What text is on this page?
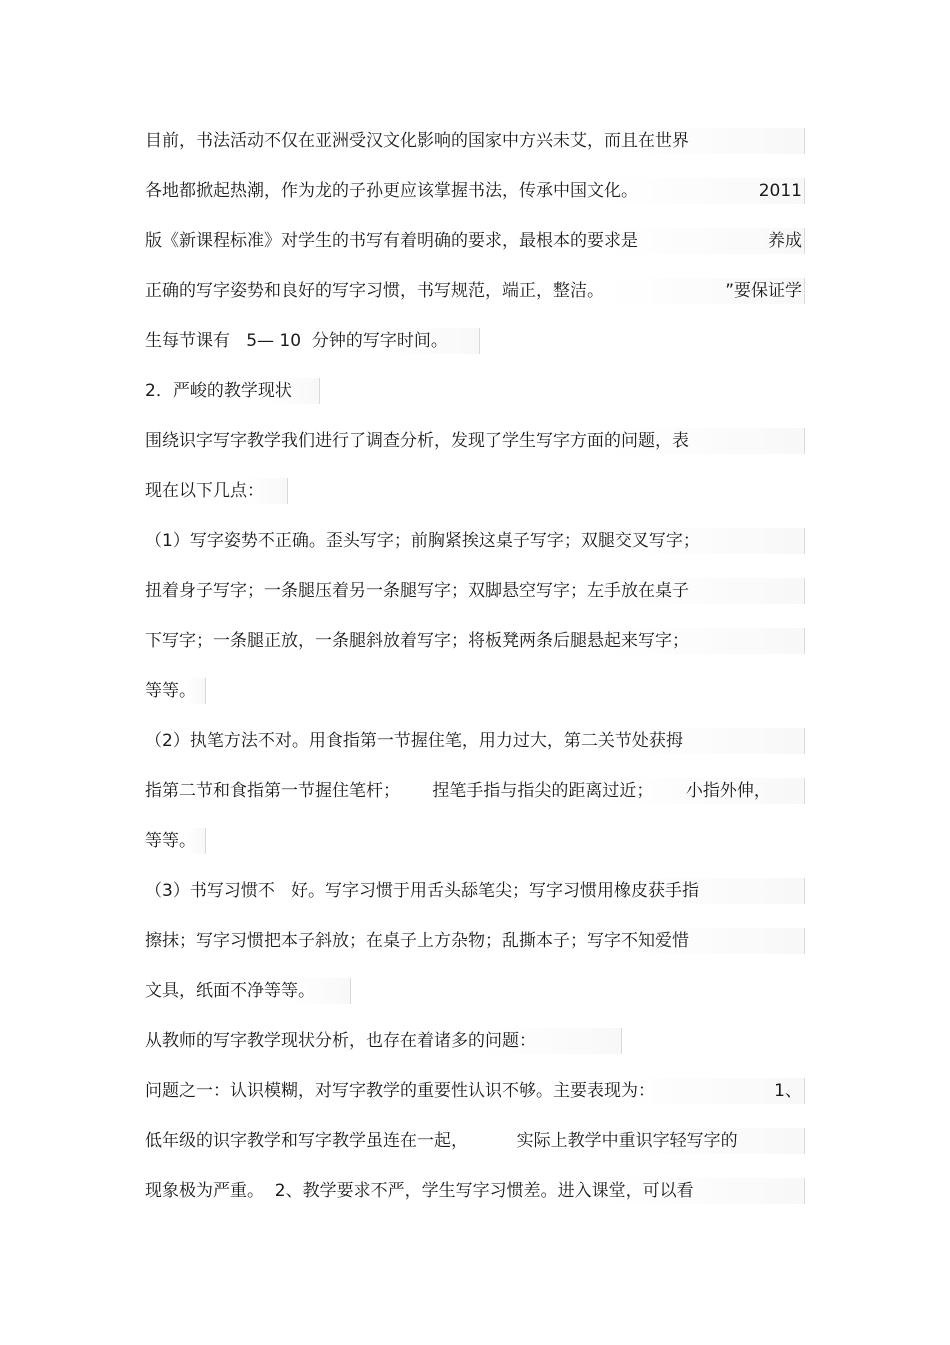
目前，书法活动不仅在亚洲受汉文化影响的国家中方兴未艾，而且在世界

各地都掀起热潮，作为龙的子孙更应该掌握书法，传承中国文化。

	2011

版《新课程标准》对学生的书写有着明确的要求，最根本的要求是

	养成

正确的写字姿势和良好的写字习惯，书写规范，端正，整洁。

	”要保证学

生每节课有   5— 10  分钟的写字时间。

2．严峻的教学现状

围绕识字写字教学我们进行了调查分析，发现了学生写字方面的问题，表

现在以下几点：

（1）写字姿势不正确。歪头写字；前胸紧挨这桌子写字；双腿交叉写字；

扭着身子写字；一条腿压着另一条腿写字；双脚悬空写字；左手放在桌子

下写字；一条腿正放，一条腿斜放着写字；将板凳两条后腿悬起来写字；

等等。

（2）执笔方法不对。用食指第一节握住笔，用力过大，第二关节处获拇

指第二节和食指第一节握住笔杆；      捏笔手指与指尖的距离过近；      小指外伸，

等等。

（3）书写习惯不   好。写字习惯于用舌头舔笔尖；写字习惯用橡皮获手指

擦抹；写字习惯把本子斜放；在桌子上方杂物；乱撕本子；写字不知爱惜

文具，纸面不净等等。

从教师的写字教学现状分析，也存在着诸多的问题：

问题之一：认识模糊，对写字教学的重要性认识不够。主要表现为：

	1、

低年级的识字教学和写字教学虽连在一起，         实际上教学中重识字轻写字的

现象极为严重。  2、教学要求不严，学生写字习惯差。进入课堂，可以看
